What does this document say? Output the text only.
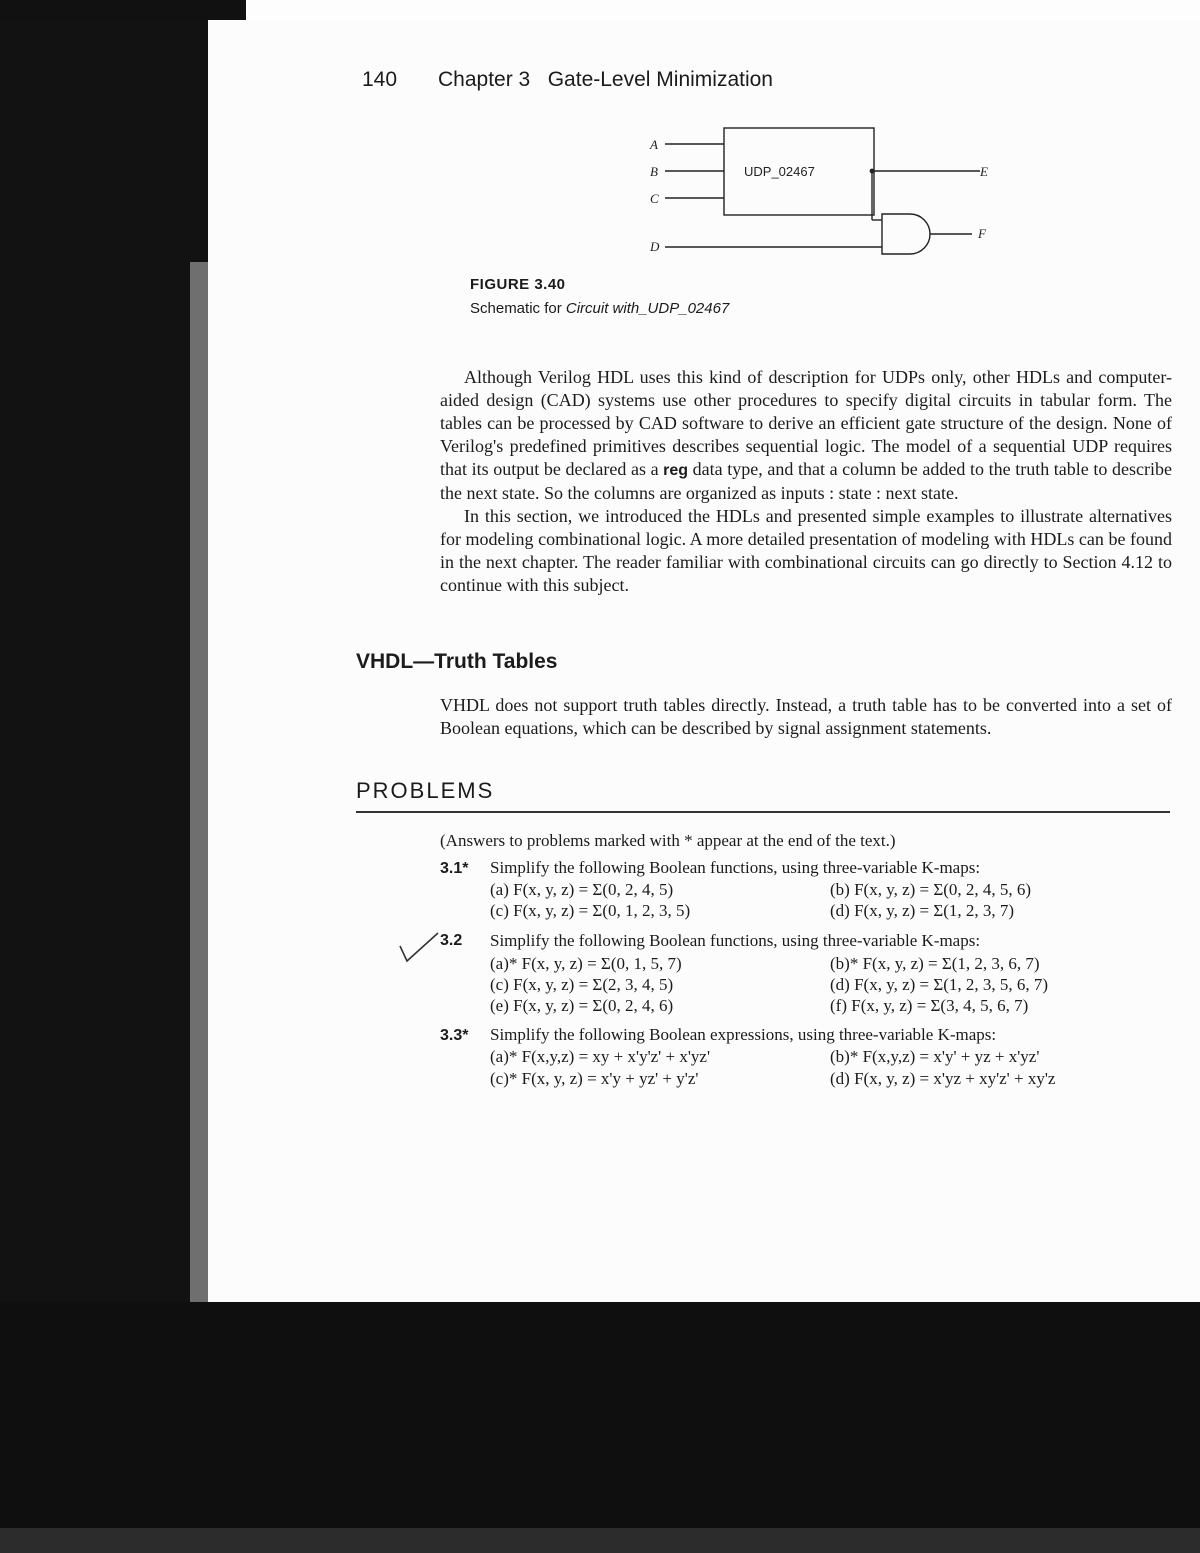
140 Chapter 3   Gate-Level Minimization
A
B
C
D
UDP_02467	E
F
FIGURE 3.40
Schematic for Circuit with_UDP_02467

Although Verilog HDL uses this kind of description for UDPs only, other HDLs and computer-aided design (CAD) systems use other procedures to specify digital circuits in tabular form. The tables can be processed by CAD software to derive an efficient gate structure of the design. None of Verilog's predefined primitives describes sequential logic. The model of a sequential UDP requires that its output be declared as a reg data type, and that a column be added to the truth table to describe the next state. So the columns are organized as inputs : state : next state.

In this section, we introduced the HDLs and presented simple examples to illustrate alternatives for modeling combinational logic. A more detailed presentation of modeling with HDLs can be found in the next chapter. The reader familiar with combinational circuits can go directly to Section 4.12 to continue with this subject.

VHDL—Truth Tables
VHDL does not support truth tables directly. Instead, a truth table has to be converted into a set of Boolean equations, which can be described by signal assignment statements.
PROBLEMS
(Answers to problems marked with * appear at the end of the text.)
3.1* Simplify the following Boolean functions, using three-variable K-maps:
(a) F(x, y, z) = Σ(0, 2, 4, 5)	(b) F(x, y, z) = Σ(0, 2, 4, 5, 6)
(c) F(x, y, z) = Σ(0, 1, 2, 3, 5)	(d) F(x, y, z) = Σ(1, 2, 3, 7)
3.2 Simplify the following Boolean functions, using three-variable K-maps:
(a)* F(x, y, z) = Σ(0, 1, 5, 7)	(b)* F(x, y, z) = Σ(1, 2, 3, 6, 7)
(c) F(x, y, z) = Σ(2, 3, 4, 5)	(d) F(x, y, z) = Σ(1, 2, 3, 5, 6, 7)
(e) F(x, y, z) = Σ(0, 2, 4, 6)	(f) F(x, y, z) = Σ(3, 4, 5, 6, 7)
3.3* Simplify the following Boolean expressions, using three-variable K-maps:
(a)* F(x,y,z) = xy + x'y'z' + x'yz'	(b)* F(x,y,z) = x'y' + yz + x'yz'
(c)* F(x, y, z) = x'y + yz' + y'z'	(d) F(x, y, z) = x'yz + xy'z' + xy'z
